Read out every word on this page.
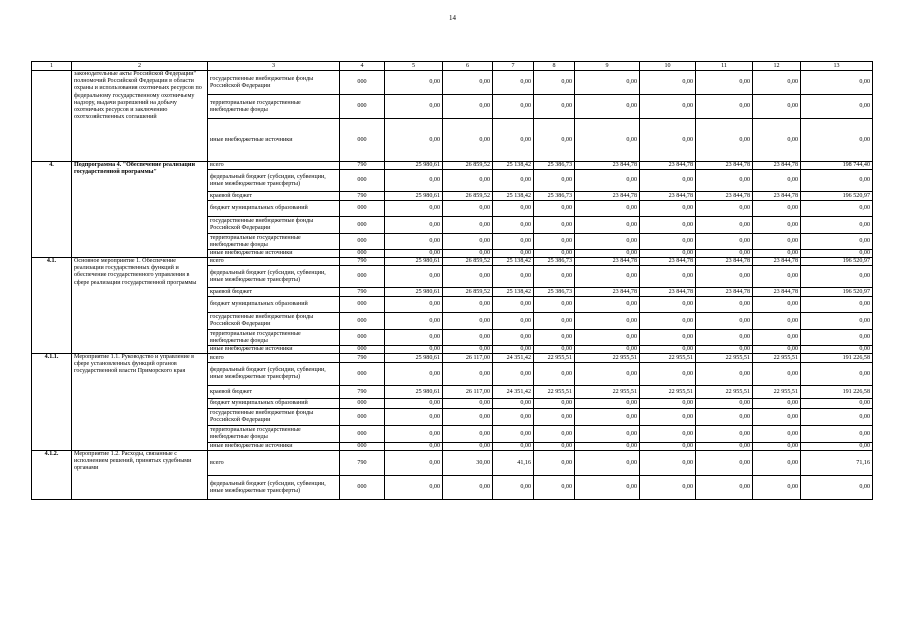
14
1	2	3	4	5	6	7	8	9	10	11	12	13
	законодательные акты Российской Федерации" полномочий Российской Федерации в области охраны и использования охотничьих ресурсов по федеральному государственному охотничьему надзору, выдачи разрешений на добычу охотничьих ресурсов и заключению охотхозяйственных соглашений	государственные внебюджетные фонды Российской Федерации	000	0,00	0,00	0,00	0,00	0,00	0,00	0,00	0,00	0,00
		территориальные государственные внебюджетные фонды	000	0,00	0,00	0,00	0,00	0,00	0,00	0,00	0,00	0,00
		иные внебюджетные источники	000	0,00	0,00	0,00	0,00	0,00	0,00	0,00	0,00	0,00
4.	Подпрограмма 4. "Обеспечение реализации государственной программы"	всего	790	25 980,61	26 859,52	25 138,42	25 386,73	23 844,78	23 844,78	23 844,78	23 844,78	198 744,40
		федеральный бюджет (субсидии, субвенции, иные межбюджетные трансферты)	000	0,00	0,00	0,00	0,00	0,00	0,00	0,00	0,00	0,00
		краевой бюджет	790	25 980,61	26 859,52	25 138,42	25 386,73	23 844,78	23 844,78	23 844,78	23 844,78	196 520,97
		бюджет муниципальных образований	000	0,00	0,00	0,00	0,00	0,00	0,00	0,00	0,00	0,00
		государственные внебюджетные фонды Российской Федерации	000	0,00	0,00	0,00	0,00	0,00	0,00	0,00	0,00	0,00
		территориальные государственные внебюджетные фонды	000	0,00	0,00	0,00	0,00	0,00	0,00	0,00	0,00	0,00
		иные внебюджетные источники	000	0,00	0,00	0,00	0,00	0,00	0,00	0,00	0,00	0,00
4.1.	Основное мероприятие 1. Обеспечение реализации государственных функций и обеспечение государственного управления в сфере реализации государственной программы	всего	790	25 980,61	26 859,52	25 138,42	25 386,73	23 844,78	23 844,78	23 844,78	23 844,78	196 520,97
		федеральный бюджет (субсидии, субвенции, иные межбюджетные трансферты)	000	0,00	0,00	0,00	0,00	0,00	0,00	0,00	0,00	0,00
		краевой бюджет	790	25 980,61	26 859,52	25 138,42	25 386,73	23 844,78	23 844,78	23 844,78	23 844,78	196 520,97
		бюджет муниципальных образований	000	0,00	0,00	0,00	0,00	0,00	0,00	0,00	0,00	0,00
		государственные внебюджетные фонды Российской Федерации	000	0,00	0,00	0,00	0,00	0,00	0,00	0,00	0,00	0,00
		территориальные государственные внебюджетные фонды	000	0,00	0,00	0,00	0,00	0,00	0,00	0,00	0,00	0,00
		иные внебюджетные источники	000	0,00	0,00	0,00	0,00	0,00	0,00	0,00	0,00	0,00
4.1.1.	Мероприятие 1.1. Руководство и управление в сфере установленных функций органов государственной власти Приморского края	всего	790	25 980,61	26 117,00	24 351,42	22 955,51	22 955,51	22 955,51	22 955,51	22 955,51	191 226,58
		федеральный бюджет (субсидии, субвенции, иные межбюджетные трансферты)	000	0,00	0,00	0,00	0,00	0,00	0,00	0,00	0,00	0,00
		краевой бюджет	790	25 980,61	26 117,00	24 351,42	22 955,51	22 955,51	22 955,51	22 955,51	22 955,51	191 226,58
		бюджет муниципальных образований	000	0,00	0,00	0,00	0,00	0,00	0,00	0,00	0,00	0,00
		государственные внебюджетные фонды Российской Федерации	000	0,00	0,00	0,00	0,00	0,00	0,00	0,00	0,00	0,00
		территориальные государственные внебюджетные фонды	000	0,00	0,00	0,00	0,00	0,00	0,00	0,00	0,00	0,00
		иные внебюджетные источники	000	0,00	0,00	0,00	0,00	0,00	0,00	0,00	0,00	0,00
4.1.2.	Мероприятие 1.2. Расходы, связанные с исполнением решений, принятых судебными органами	всего	790	0,00	30,00	41,16	0,00	0,00	0,00	0,00	0,00	71,16
		федеральный бюджет (субсидии, субвенции, иные межбюджетные трансферты)	000	0,00	0,00	0,00	0,00	0,00	0,00	0,00	0,00	0,00
